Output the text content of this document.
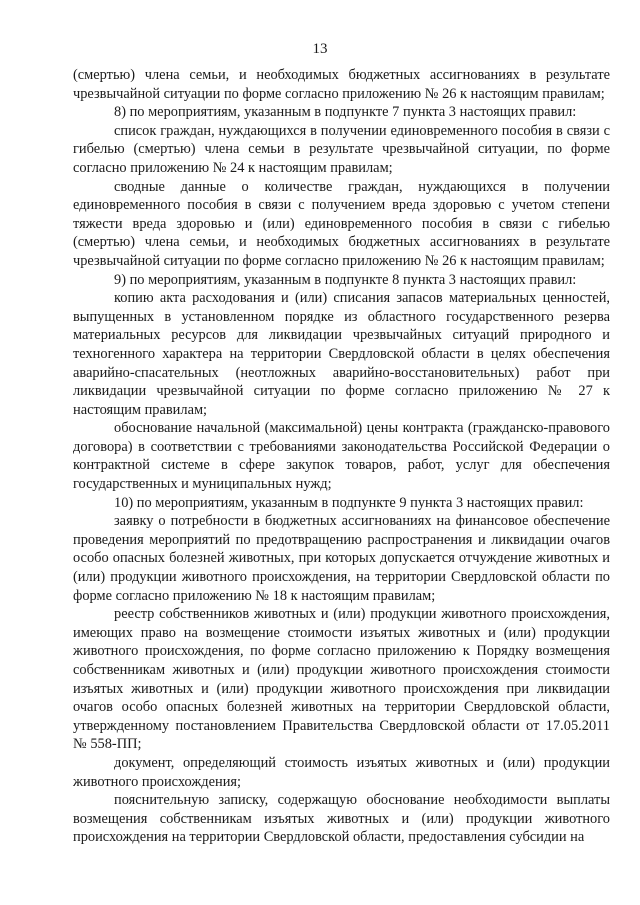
13

(смертью) члена семьи, и необходимых бюджетных ассигнованиях в результате чрезвычайной ситуации по форме согласно приложению № 26 к настоящим правилам;

8) по мероприятиям, указанным в подпункте 7 пункта 3 настоящих правил:

список граждан, нуждающихся в получении единовременного пособия в связи с гибелью (смертью) члена семьи в результате чрезвычайной ситуации, по форме согласно приложению № 24 к настоящим правилам;

сводные данные о количестве граждан, нуждающихся в получении единовременного пособия в связи с получением вреда здоровью с учетом степени тяжести вреда здоровью и (или) единовременного пособия в связи с гибелью (смертью) члена семьи, и необходимых бюджетных ассигнованиях в результате чрезвычайной ситуации по форме согласно приложению № 26 к настоящим правилам;

9) по мероприятиям, указанным в подпункте 8 пункта 3 настоящих правил:

копию акта расходования и (или) списания запасов материальных ценностей, выпущенных в установленном порядке из областного государственного резерва материальных ресурсов для ликвидации чрезвычайных ситуаций природного и техногенного характера на территории Свердловской области в целях обеспечения аварийно-спасательных (неотложных аварийно-восстановительных) работ при ликвидации чрезвычайной ситуации по форме согласно приложению № 27 к настоящим правилам;

обоснование начальной (максимальной) цены контракта (гражданско-правового договора) в соответствии с требованиями законодательства Российской Федерации о контрактной системе в сфере закупок товаров, работ, услуг для обеспечения государственных и муниципальных нужд;

10) по мероприятиям, указанным в подпункте 9 пункта 3 настоящих правил:

заявку о потребности в бюджетных ассигнованиях на финансовое обеспечение проведения мероприятий по предотвращению распространения и ликвидации очагов особо опасных болезней животных, при которых допускается отчуждение животных и (или) продукции животного происхождения, на территории Свердловской области по форме согласно приложению № 18 к настоящим правилам;

реестр собственников животных и (или) продукции животного происхождения, имеющих право на возмещение стоимости изъятых животных и (или) продукции животного происхождения, по форме согласно приложению к Порядку возмещения собственникам животных и (или) продукции животного происхождения стоимости изъятых животных и (или) продукции животного происхождения при ликвидации очагов особо опасных болезней животных на территории Свердловской области, утвержденному постановлением Правительства Свердловской области от 17.05.2011 № 558-ПП;

документ, определяющий стоимость изъятых животных и (или) продукции животного происхождения;

пояснительную записку, содержащую обоснование необходимости выплаты возмещения собственникам изъятых животных и (или) продукции животного происхождения на территории Свердловской области, предоставления субсидии на
